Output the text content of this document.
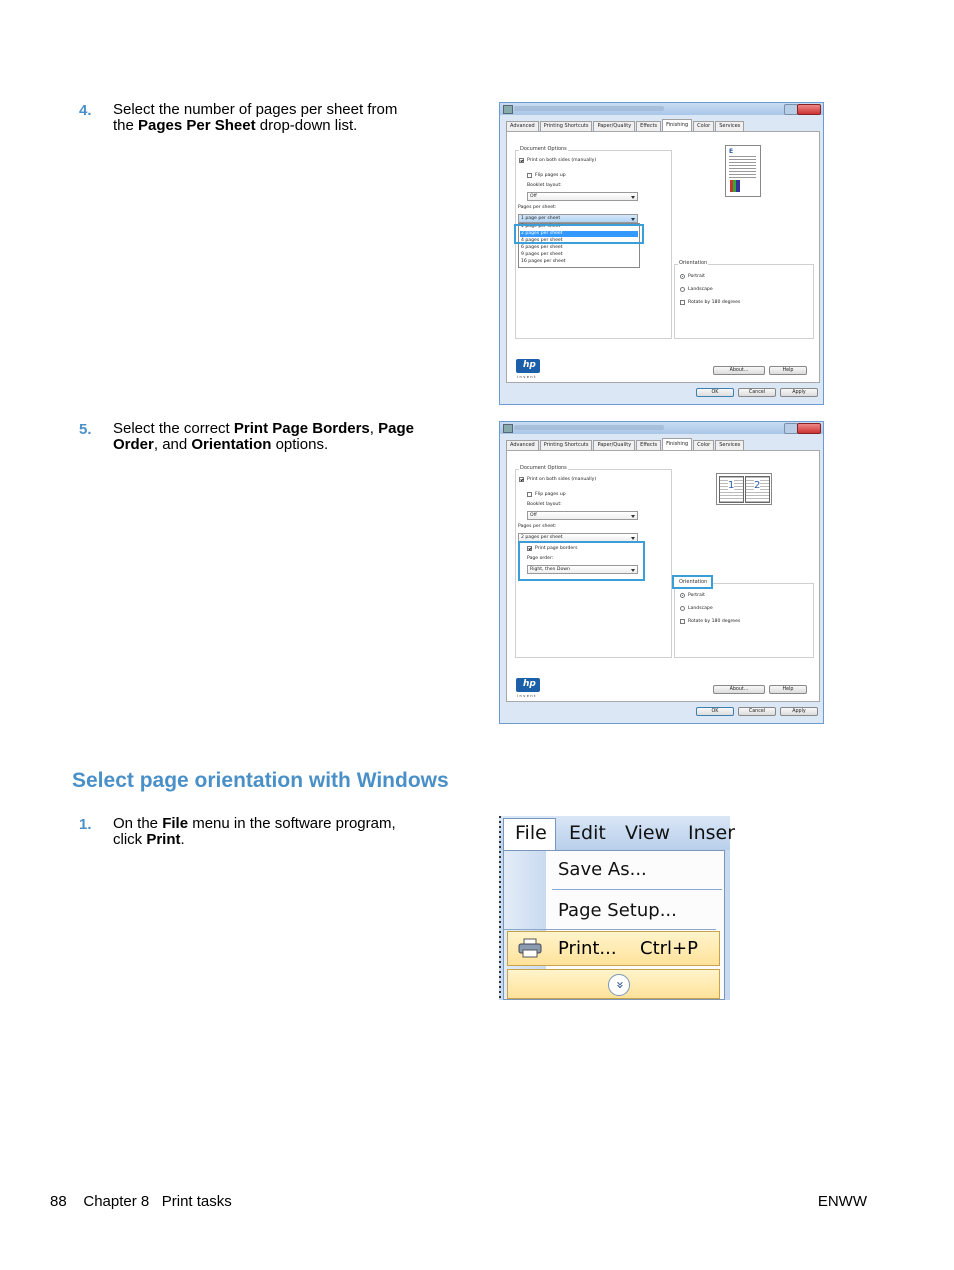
4. Select the number of pages per sheet from
the Pages Per Sheet drop-down list.
5. Select the correct Print Page Borders, Page
Order, and Orientation options.
Advanced	Printing Shortcuts	Paper/Quality	Effects	Finishing	Color	Services
Document Options
Print on both sides (manually)
Flip pages up
Booklet layout:
Off
Pages per sheet:
1 page per sheet
1 page per sheet
2 pages per sheet
4 pages per sheet
6 pages per sheet
9 pages per sheet
16 pages per sheet
E
Orientation
Portrait
Landscape
Rotate by 180 degrees
hp
invent
About...	Help
OK	Cancel	Apply
Advanced	Printing Shortcuts	Paper/Quality	Effects	Finishing	Color	Services
Document Options
Print on both sides (manually)
Flip pages up
Booklet layout:
Off
Pages per sheet:
2 pages per sheet
Print page borders
Page order:
Right, then Down
1 2
Orientation
Portrait
Landscape
Rotate by 180 degrees
hp
invent
About...	Help
OK	Cancel	Apply
Select page orientation with Windows
1. On the File menu in the software program,
click Print.	File Edit View Inser
Save As...
Page Setup...
Print... Ctrl+P
»
88 Chapter 8 Print tasks	ENWW
